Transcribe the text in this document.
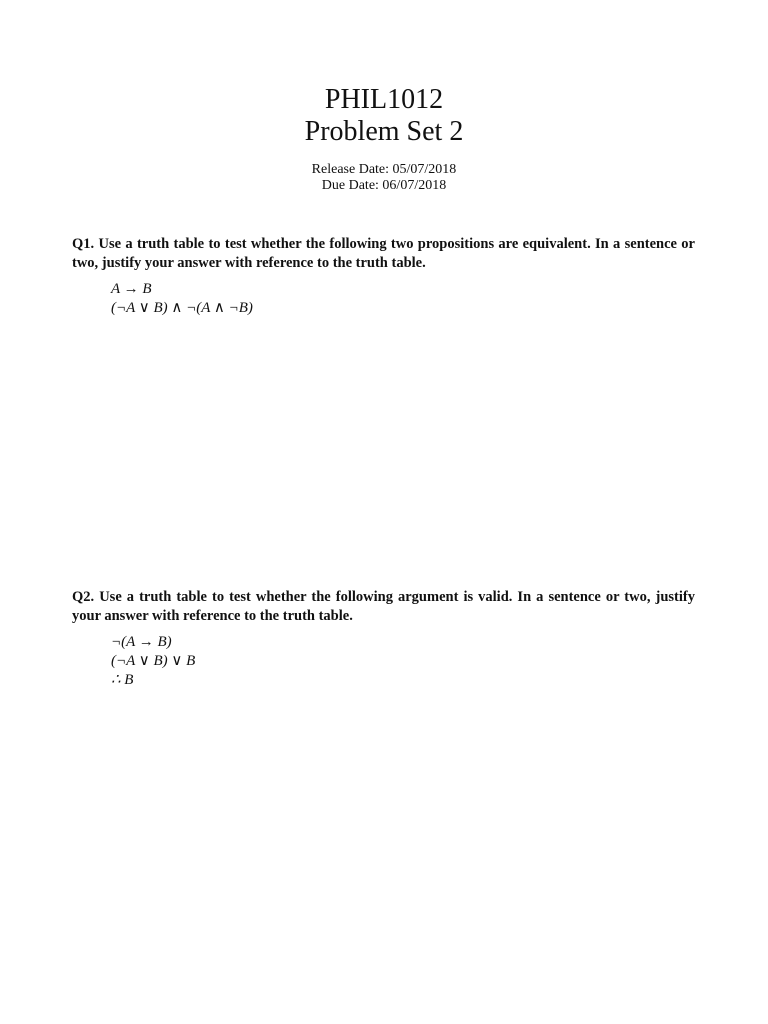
PHIL1012
Problem Set 2
Release Date: 05/07/2018
Due Date: 06/07/2018

Q1. Use a truth table to test whether the following two propositions are equivalent. In a sentence or two, justify your answer with reference to the truth table.

A → B
(¬A ∨ B) ∧ ¬(A ∧ ¬B)

Q2. Use a truth table to test whether the following argument is valid. In a sentence or two, justify your answer with reference to the truth table.

¬(A → B)
(¬A ∨ B) ∨ B
∴ B
